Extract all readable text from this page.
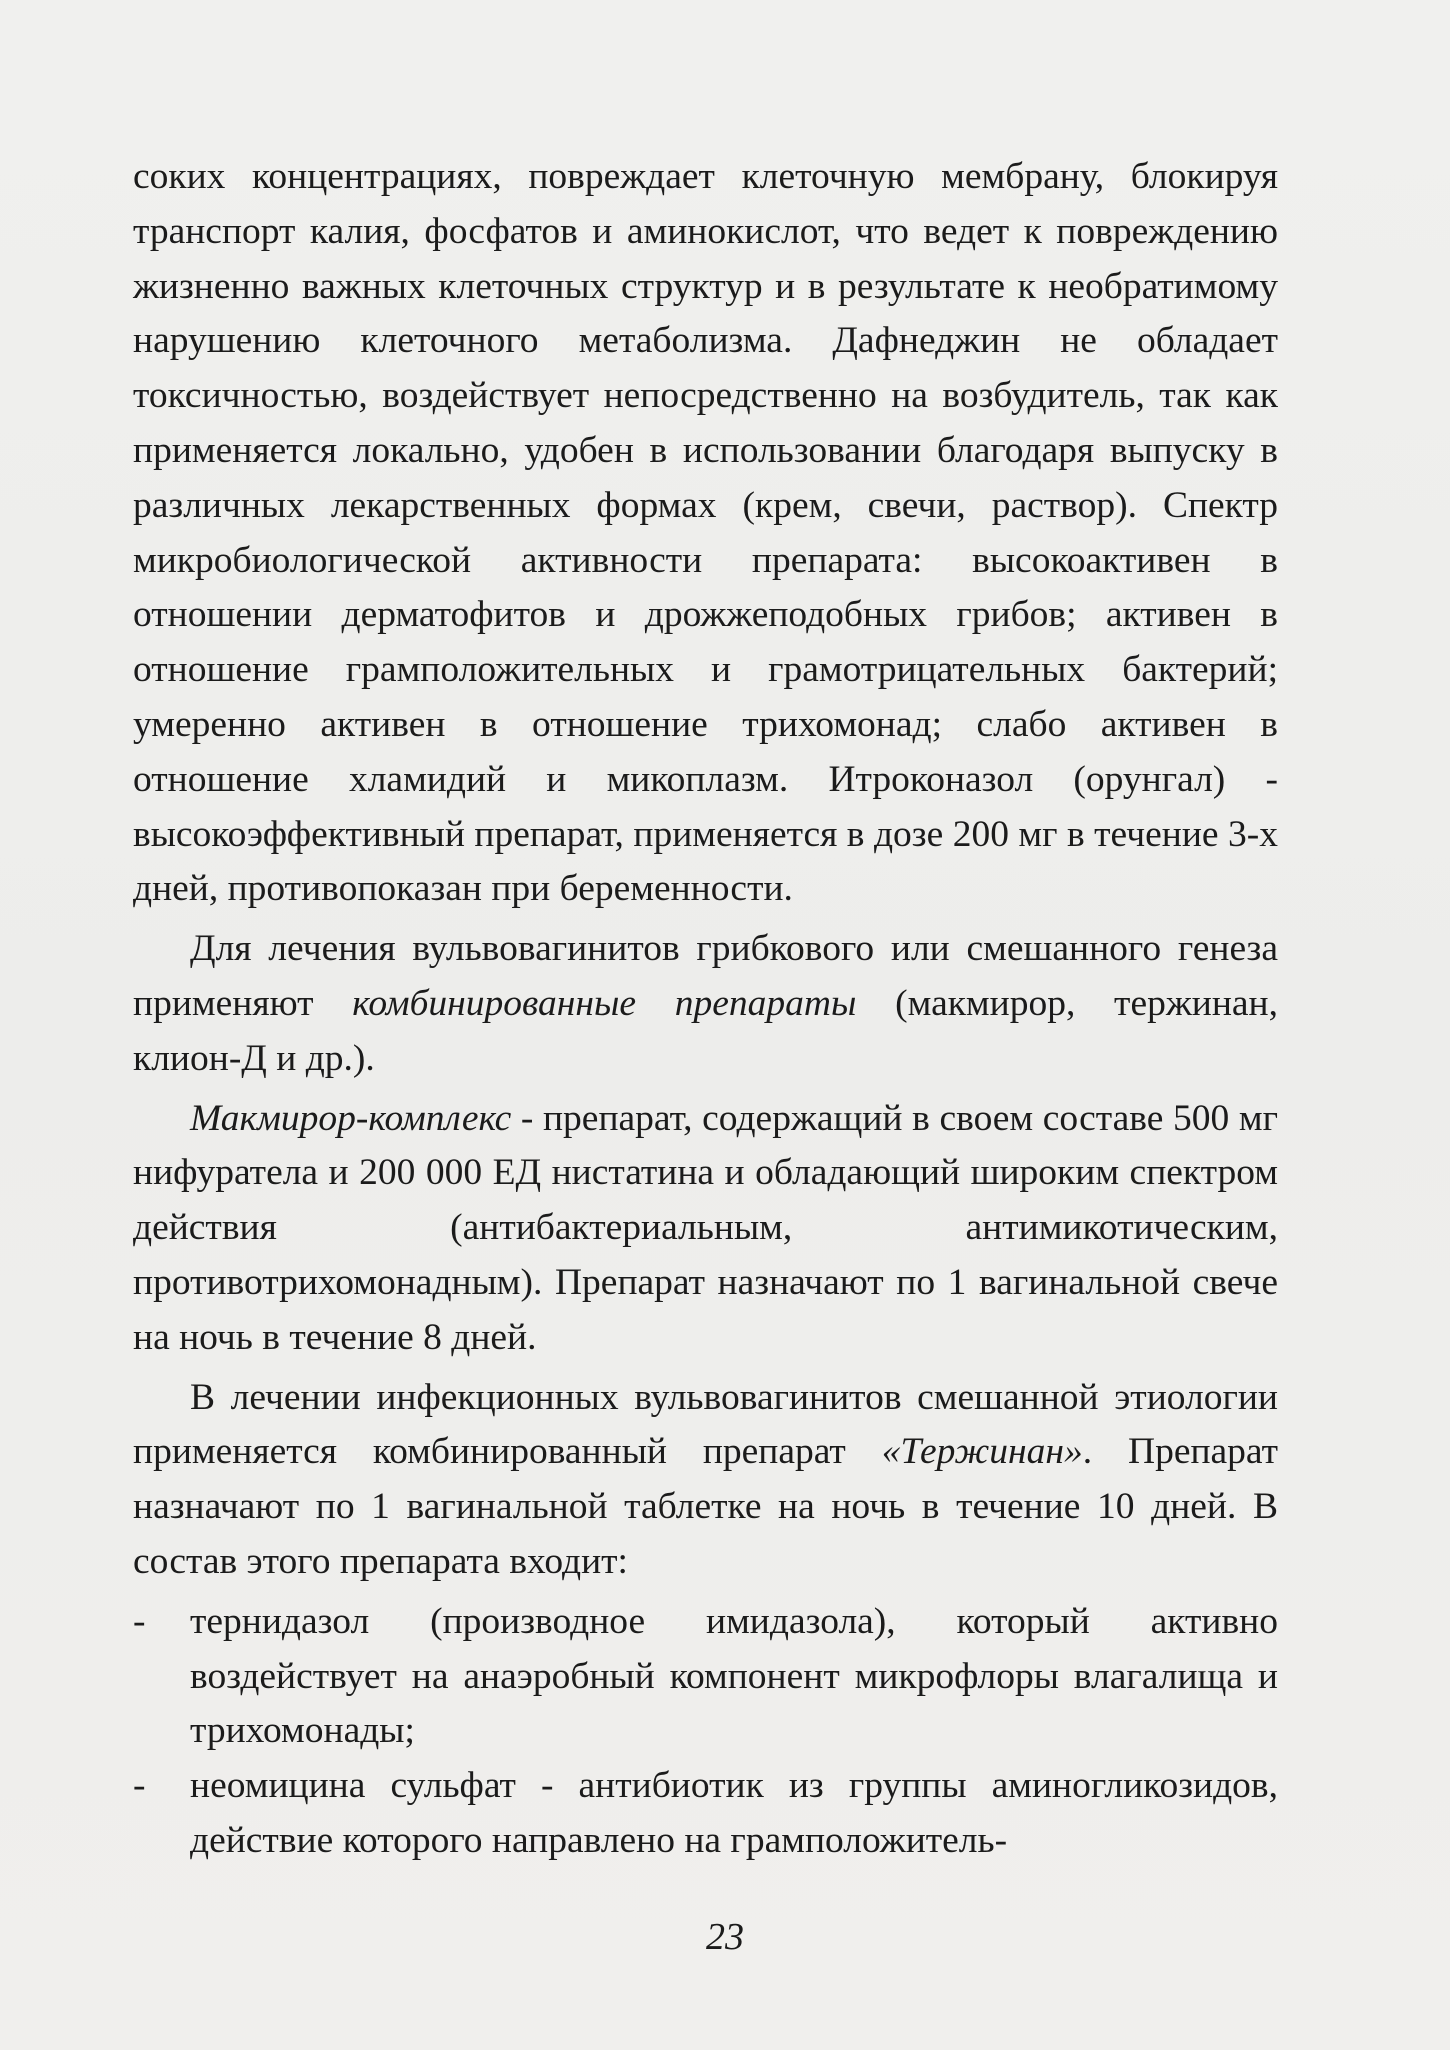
соких концентрациях, повреждает клеточную мембрану, блокируя транспорт калия, фосфатов и аминокислот, что ведет к повреждению жизненно важных клеточных структур и в результате к необратимому нарушению клеточного метаболизма. Дафнеджин не обладает токсичностью, воздействует непосредственно на возбудитель, так как применяется локально, удобен в использовании благодаря выпуску в различных лекарственных формах (крем, свечи, раствор). Спектр микробиологической активности препарата: высокоактивен в отношении дерматофитов и дрожжеподобных грибов; активен в отношение грамположительных и грамотрицательных бактерий; умеренно активен в отношение трихомонад; слабо активен в отношение хламидий и микоплазм. Итроконазол (орунгал) - высокоэффективный препарат, применяется в дозе 200 мг в течение 3-х дней, противопоказан при беременности.

Для лечения вульвовагинитов грибкового или смешанного генеза применяют комбинированные препараты (макмирор, тержинан, клион-Д и др.).

Макмирор-комплекс - препарат, содержащий в своем составе 500 мг нифуратела и 200 000 ЕД нистатина и обладающий широким спектром действия (антибактериальным, антимикотическим, противотрихомонадным). Препарат назначают по 1 вагинальной свече на ночь в течение 8 дней.

В лечении инфекционных вульвовагинитов смешанной этиологии применяется комбинированный препарат «Тержинан». Препарат назначают по 1 вагинальной таблетке на ночь в течение 10 дней. В состав этого препарата входит:

-	тернидазол (производное имидазола), который активно воздействует на анаэробный компонент микрофлоры влагалища и трихомонады;
-	неомицина сульфат - антибиотик из группы аминогликозидов, действие которого направлено на грамположитель-
23
